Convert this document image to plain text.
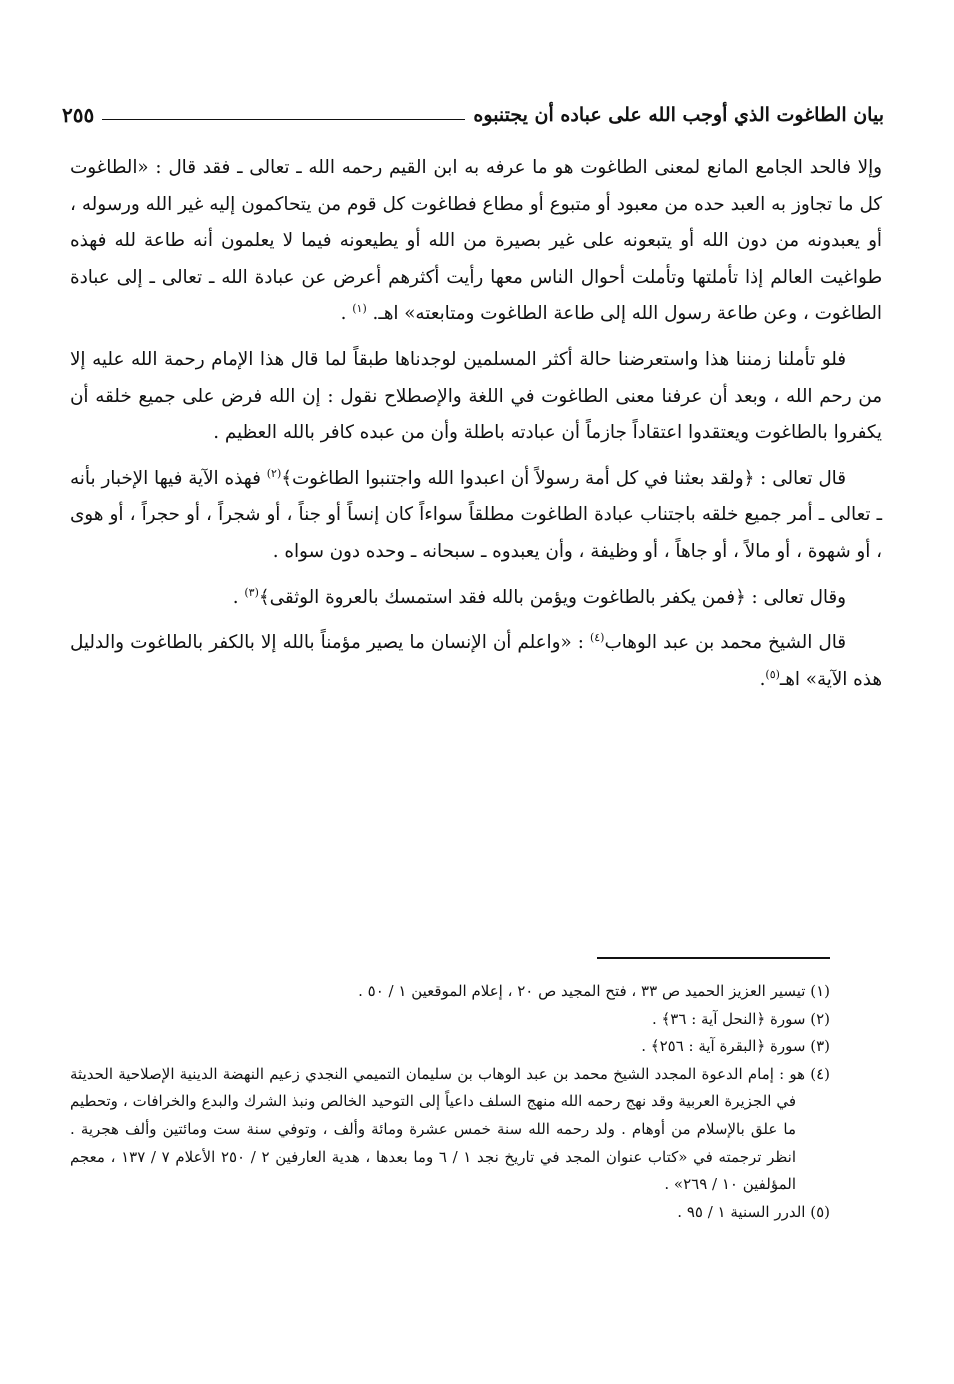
بيان الطاغوت الذي أوجب الله على عباده أن يجتنبوه
٢٥٥

وإلا فالحد الجامع المانع لمعنى الطاغوت هو ما عرفه به ابن القيم رحمه الله ـ تعالى ـ فقد قال : «الطاغوت كل ما تجاوز به العبد حده من معبود أو متبوع أو مطاع فطاغوت كل قوم من يتحاكمون إليه غير الله ورسوله ، أو يعبدونه من دون الله أو يتبعونه على غير بصيرة من الله أو يطيعونه فيما لا يعلمون أنه طاعة لله فهذه طواغيت العالم إذا تأملتها وتأملت أحوال الناس معها رأيت أكثرهم أعرض عن عبادة الله ـ تعالى ـ إلى عبادة الطاغوت ، وعن طاعة رسول الله إلى طاعة الطاغوت ومتابعته» اهـ. $^{(١)}$ .

فلو تأملنا زمننا هذا واستعرضنا حالة أكثر المسلمين لوجدناها طبقاً لما قال هذا الإمام رحمة الله عليه إلا من رحم الله ، وبعد أن عرفنا معنى الطاغوت في اللغة والإصطلاح نقول : إن الله فرض على جميع خلقه أن يكفروا بالطاغوت ويعتقدوا اعتقاداً جازماً أن عبادته باطلة وأن من عبده كافر بالله العظيم .

قال تعالى : ﴿ولقد بعثنا في كل أمة رسولاً أن اعبدوا الله واجتنبوا الطاغوت﴾$^{(٢)}$ فهذه الآية فيها الإخبار بأنه ـ تعالى ـ أمر جميع خلقه باجتناب عبادة الطاغوت مطلقاً سواءاً كان إنساً أو جناً ، أو شجراً ، أو حجراً ، أو هوى ، أو شهوة ، أو مالاً ، أو جاهاً ، أو وظيفة ، وأن يعبدوه ـ سبحانه ـ وحده دون سواه .

وقال تعالى : ﴿فمن يكفر بالطاغوت ويؤمن بالله فقد استمسك بالعروة الوثقى﴾$^{(٣)}$ .

قال الشيخ محمد بن عبد الوهاب$^{(٤)}$ : «واعلم أن الإنسان ما يصير مؤمناً بالله إلا بالكفر بالطاغوت والدليل هذه الآية» اهـ$^{(٥)}$.

(١) تيسير العزيز الحميد ص ٣٣ ، فتح المجيد ص ٢٠ ، إعلام الموقعين ١ / ٥٠ .

(٢) سورة ﴿النحل آية : ٣٦﴾ .

(٣) سورة ﴿البقرة آية : ٢٥٦﴾ .

(٤) هو : إمام الدعوة المجدد الشيخ محمد بن عبد الوهاب بن سليمان التميمي النجدي زعيم النهضة الدينية الإصلاحية الحديثة في الجزيرة العربية وقد نهج رحمه الله منهج السلف داعياً إلى التوحيد الخالص ونبذ الشرك والبدع والخرافات ، وتحطيم ما علق بالإسلام من أوهام . ولد رحمه الله سنة خمس عشرة ومائة وألف ، وتوفي سنة ست ومائتين وألف هجرية . انظر ترجمته في «كتاب عنوان المجد في تاريخ نجد ١ / ٦ وما بعدها ، هدية العارفين ٢ / ٢٥٠ الأعلام ٧ / ١٣٧ ، معجم المؤلفين ١٠ / ٢٦٩» .

(٥) الدرر السنية ١ / ٩٥ .
